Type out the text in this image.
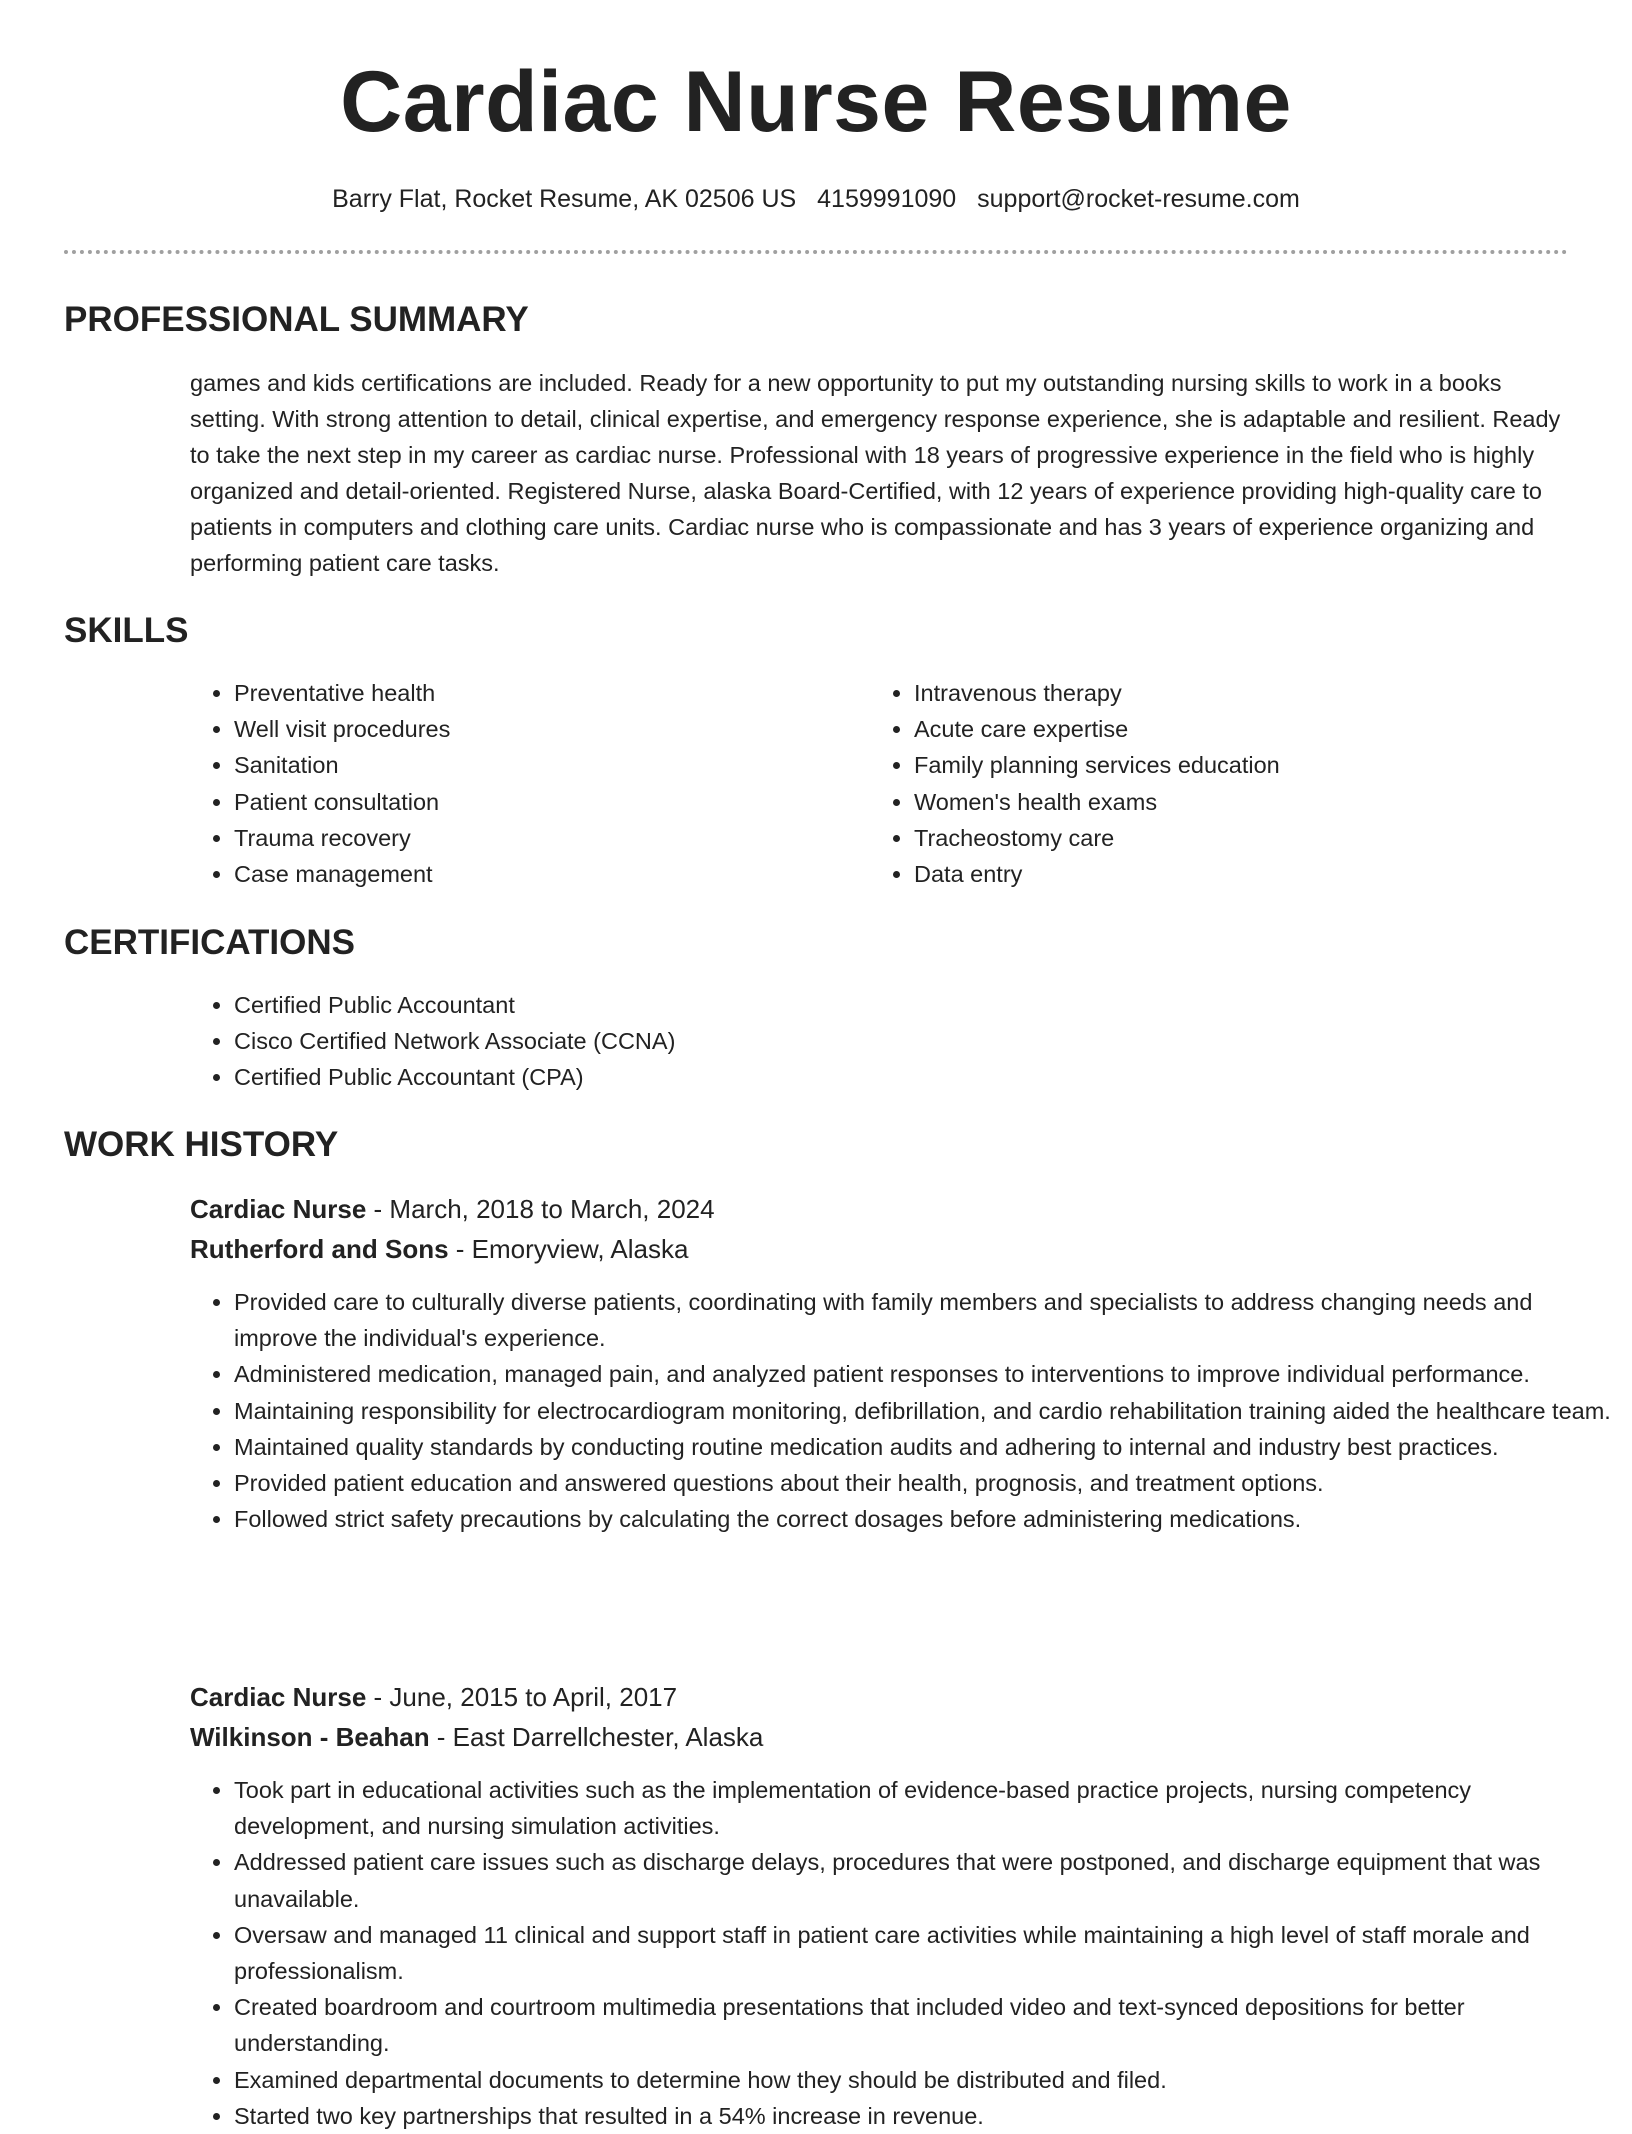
Cardiac Nurse Resume
Barry Flat, Rocket Resume, AK 02506 US 4159991090 support@rocket-resume.com
PROFESSIONAL SUMMARY

games and kids certifications are included. Ready for a new opportunity to put my outstanding nursing skills to work in a books setting. With strong attention to detail, clinical expertise, and emergency response experience, she is adaptable and resilient. Ready to take the next step in my career as cardiac nurse. Professional with 18 years of progressive experience in the field who is highly organized and detail-oriented. Registered Nurse, alaska Board-Certified, with 12 years of experience providing high-quality care to patients in computers and clothing care units. Cardiac nurse who is compassionate and has 3 years of experience organizing and performing patient care tasks.

SKILLS
• Preventative health
• Well visit procedures
• Sanitation
• Patient consultation
• Trauma recovery
• Case management
• Intravenous therapy
• Acute care expertise
• Family planning services education
• Women's health exams
• Tracheostomy care
• Data entry
CERTIFICATIONS
• Certified Public Accountant
• Cisco Certified Network Associate (CCNA)
• Certified Public Accountant (CPA)
WORK HISTORY
Cardiac Nurse - March, 2018 to March, 2024
Rutherford and Sons - Emoryview, Alaska
• Provided care to culturally diverse patients, coordinating with family members and specialists to address changing needs and improve the individual's experience.
• Administered medication, managed pain, and analyzed patient responses to interventions to improve individual performance.
• Maintaining responsibility for electrocardiogram monitoring, defibrillation, and cardio rehabilitation training aided the healthcare team.
• Maintained quality standards by conducting routine medication audits and adhering to internal and industry best practices.
• Provided patient education and answered questions about their health, prognosis, and treatment options.
• Followed strict safety precautions by calculating the correct dosages before administering medications.
Cardiac Nurse - June, 2015 to April, 2017
Wilkinson - Beahan - East Darrellchester, Alaska
• Took part in educational activities such as the implementation of evidence-based practice projects, nursing competency development, and nursing simulation activities.
• Addressed patient care issues such as discharge delays, procedures that were postponed, and discharge equipment that was unavailable.
• Oversaw and managed 11 clinical and support staff in patient care activities while maintaining a high level of staff morale and professionalism.
• Created boardroom and courtroom multimedia presentations that included video and text-synced depositions for better understanding.
• Examined departmental documents to determine how they should be distributed and filed.
• Started two key partnerships that resulted in a 54% increase in revenue.
